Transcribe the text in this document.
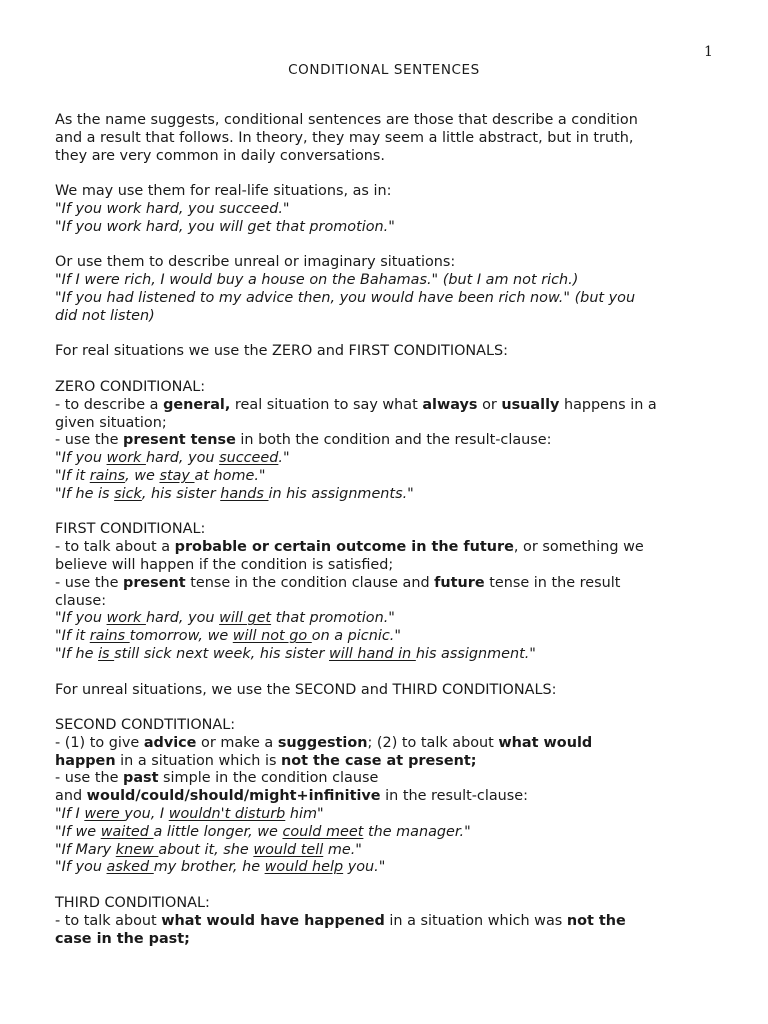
1
CONDITIONAL SENTENCES
As the name suggests, conditional sentences are those that describe a condition
and a result that follows. In theory, they may seem a little abstract, but in truth,
they are very common in daily conversations.
We may use them for real-life situations, as in:
"If you work hard, you succeed."
"If you work hard, you will get that promotion."
Or use them to describe unreal or imaginary situations:
"If I were rich, I would buy a house on the Bahamas." (but I am not rich.)
"If you had listened to my advice then, you would have been rich now." (but you
did not listen)
For real situations we use the ZERO and FIRST CONDITIONALS:
ZERO CONDITIONAL:
- to describe a general, real situation to say what always or usually happens in a
given situation;
- use the present tense in both the condition and the result-clause:
"If you work hard, you succeed."
"If it rains, we stay at home."
"If he is sick, his sister hands in his assignments."
FIRST CONDITIONAL:
- to talk about a probable or certain outcome in the future, or something we
believe will happen if the condition is satisfied;
- use the present tense in the condition clause and future tense in the result
clause:
"If you work hard, you will get that promotion."
"If it rains tomorrow, we will not go on a picnic."
"If he is still sick next week, his sister will hand in his assignment."
For unreal situations, we use the SECOND and THIRD CONDITIONALS:
SECOND CONDTITIONAL:
- (1) to give advice or make a suggestion; (2) to talk about what would
happen in a situation which is not the case at present;
- use the past simple in the condition clause
and would/could/should/might+infinitive in the result-clause:
"If I were you, I wouldn't disturb him"
"If we waited a little longer, we could meet the manager."
"If Mary knew about it, she would tell me."
"If you asked my brother, he would help you."
THIRD CONDITIONAL:
- to talk about what would have happened in a situation which was not the
case in the past;
